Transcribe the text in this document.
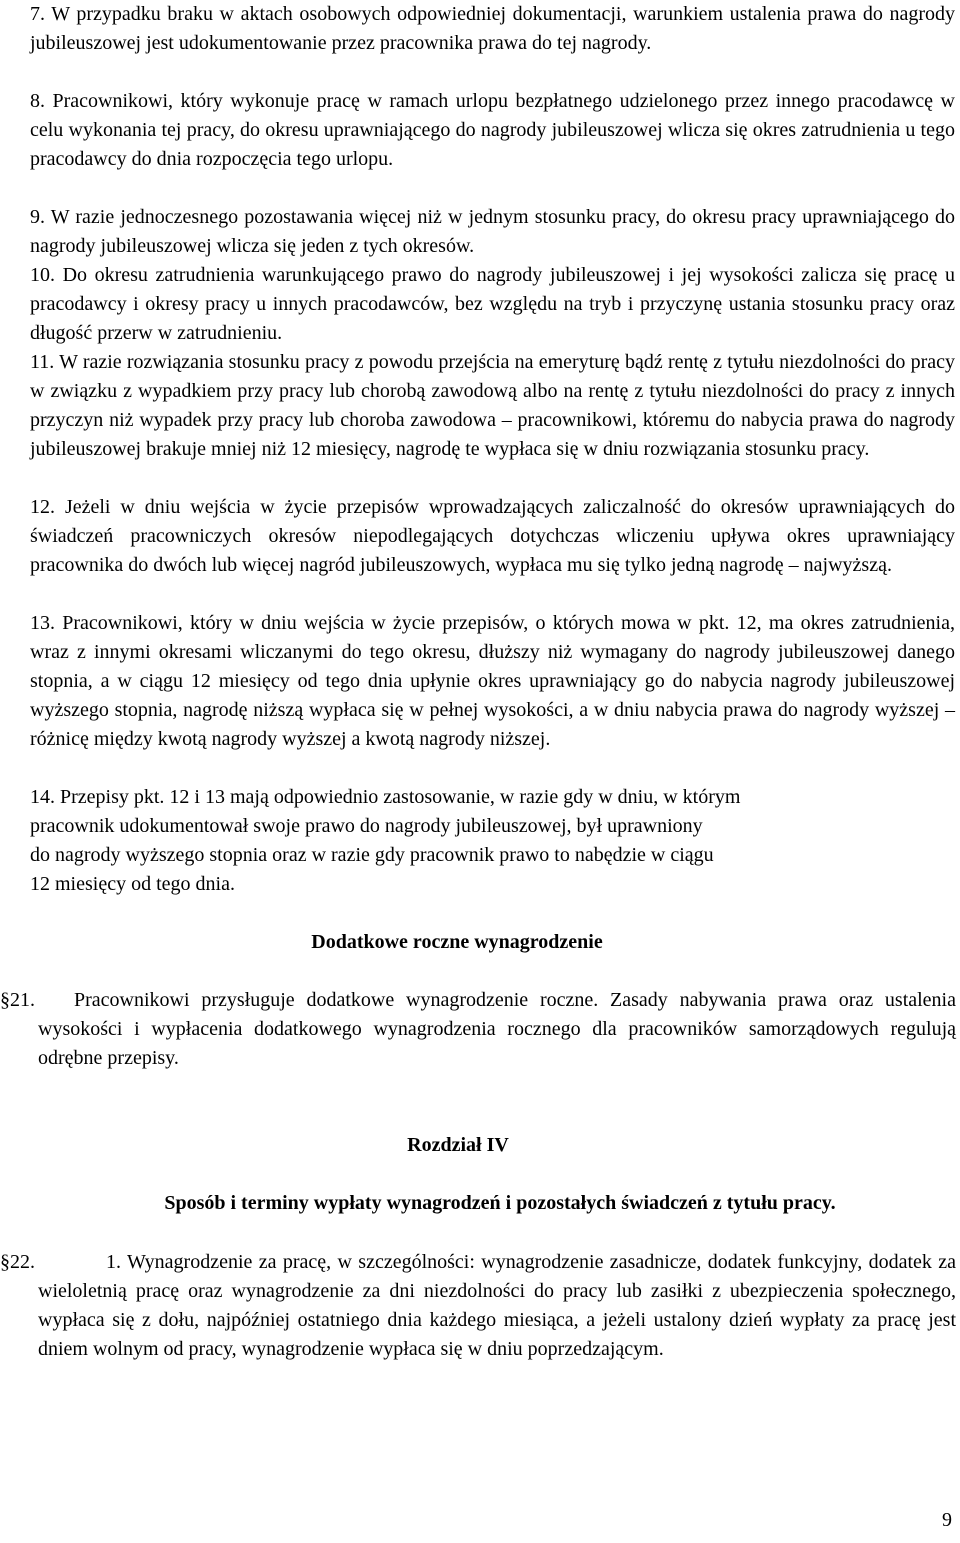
7. W przypadku braku w aktach osobowych odpowiedniej dokumentacji, warunkiem ustalenia prawa do nagrody jubileuszowej jest udokumentowanie przez pracownika prawa do tej nagrody.

8. Pracownikowi, który wykonuje pracę w ramach urlopu bezpłatnego udzielonego przez innego pracodawcę w celu wykonania tej pracy, do okresu uprawniającego do nagrody jubileuszowej wlicza się okres zatrudnienia u tego pracodawcy do dnia rozpoczęcia tego urlopu.

9. W razie jednoczesnego pozostawania więcej niż w jednym stosunku pracy, do okresu pracy uprawniającego do nagrody jubileuszowej wlicza się jeden z tych okresów.

10. Do okresu zatrudnienia warunkującego prawo do nagrody jubileuszowej i jej wysokości zalicza się pracę u pracodawcy i okresy pracy u innych pracodawców, bez względu na tryb i przyczynę ustania stosunku pracy oraz długość przerw w zatrudnieniu.

11. W razie rozwiązania stosunku pracy z powodu przejścia na emeryturę bądź rentę z tytułu niezdolności do pracy w związku z wypadkiem przy pracy lub chorobą zawodową albo na rentę z tytułu niezdolności do pracy z innych przyczyn niż wypadek przy pracy lub choroba zawodowa – pracownikowi, któremu do nabycia prawa do nagrody jubileuszowej brakuje mniej niż 12 miesięcy, nagrodę te wypłaca się w dniu rozwiązania stosunku pracy.

12. Jeżeli w dniu wejścia w życie przepisów wprowadzających zaliczalność do okresów uprawniających do świadczeń pracowniczych okresów niepodlegających dotychczas wliczeniu upływa okres uprawniający pracownika do dwóch lub więcej nagród jubileuszowych, wypłaca mu się tylko jedną nagrodę – najwyższą.

13. Pracownikowi, który w dniu wejścia w życie przepisów, o których mowa w pkt. 12, ma okres zatrudnienia, wraz z innymi okresami wliczanymi do tego okresu, dłuższy niż wymagany do nagrody jubileuszowej danego stopnia, a w ciągu 12 miesięcy od tego dnia upłynie okres uprawniający go do nabycia nagrody jubileuszowej wyższego stopnia, nagrodę niższą wypłaca się w pełnej wysokości, a w dniu nabycia prawa do nagrody wyższej – różnicę między kwotą nagrody wyższej a kwotą nagrody niższej.

14. Przepisy pkt. 12 i 13 mają odpowiednio zastosowanie, w razie gdy w dniu, w którym
pracownik udokumentował swoje prawo do nagrody jubileuszowej, był uprawniony
do nagrody wyższego stopnia oraz w razie gdy pracownik prawo to nabędzie w ciągu
12 miesięcy od tego dnia.
Dodatkowe roczne wynagrodzenie
§21.	Pracownikowi przysługuje dodatkowe wynagrodzenie roczne. Zasady nabywania prawa oraz ustalenia wysokości i wypłacenia dodatkowego wynagrodzenia rocznego dla pracowników samorządowych regulują odrębne przepisy.

Rozdział IV
Sposób i terminy wypłaty wynagrodzeń i pozostałych świadczeń z tytułu pracy.
§22.	1. Wynagrodzenie za pracę, w szczególności: wynagrodzenie zasadnicze, dodatek funkcyjny, dodatek za wieloletnią pracę oraz wynagrodzenie za dni niezdolności do pracy lub zasiłki z ubezpieczenia społecznego, wypłaca się z dołu, najpóźniej ostatniego dnia każdego miesiąca, a jeżeli ustalony dzień wypłaty za pracę jest dniem wolnym od pracy, wynagrodzenie wypłaca się w dniu poprzedzającym.

9
